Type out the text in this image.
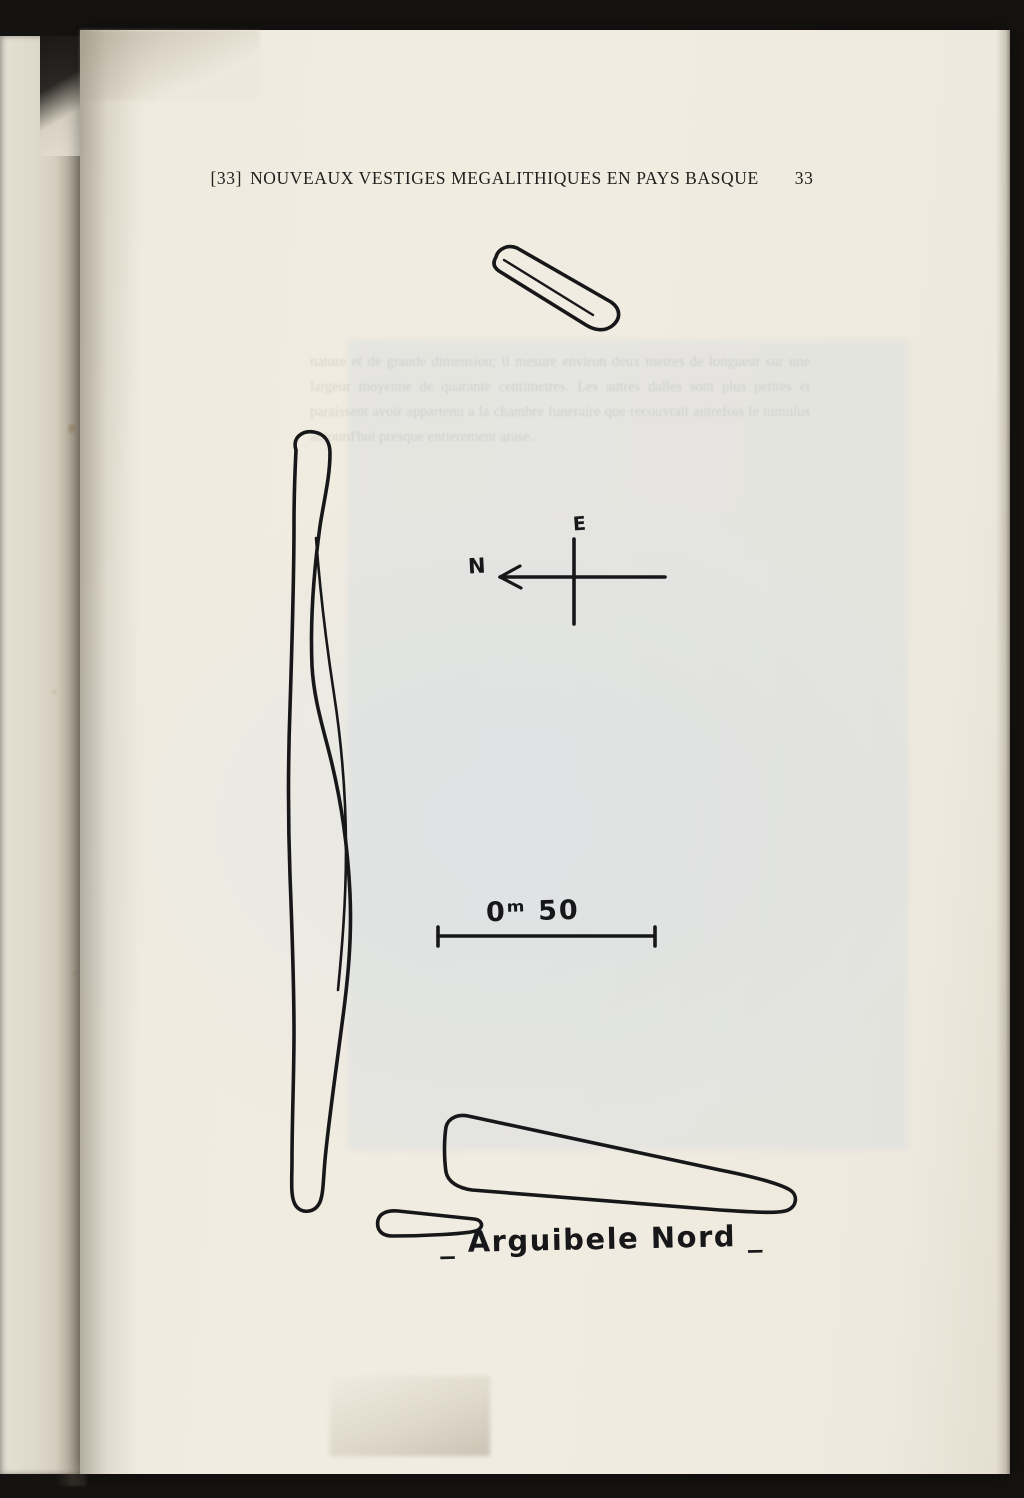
nature et de grande dimension; il mesure environ deux metres de longueur sur une largeur moyenne de quarante centimetres. Les autres dalles sont plus petites et paraissent avoir appartenu a la chambre funeraire que recouvrait autrefois le tumulus aujourd'hui presque entierement arase.
[33] NOUVEAUX VESTIGES MEGALITHIQUES EN PAYS BASQUE 33
N
E
0ᵐ 50
_ Arguibele Nord _
